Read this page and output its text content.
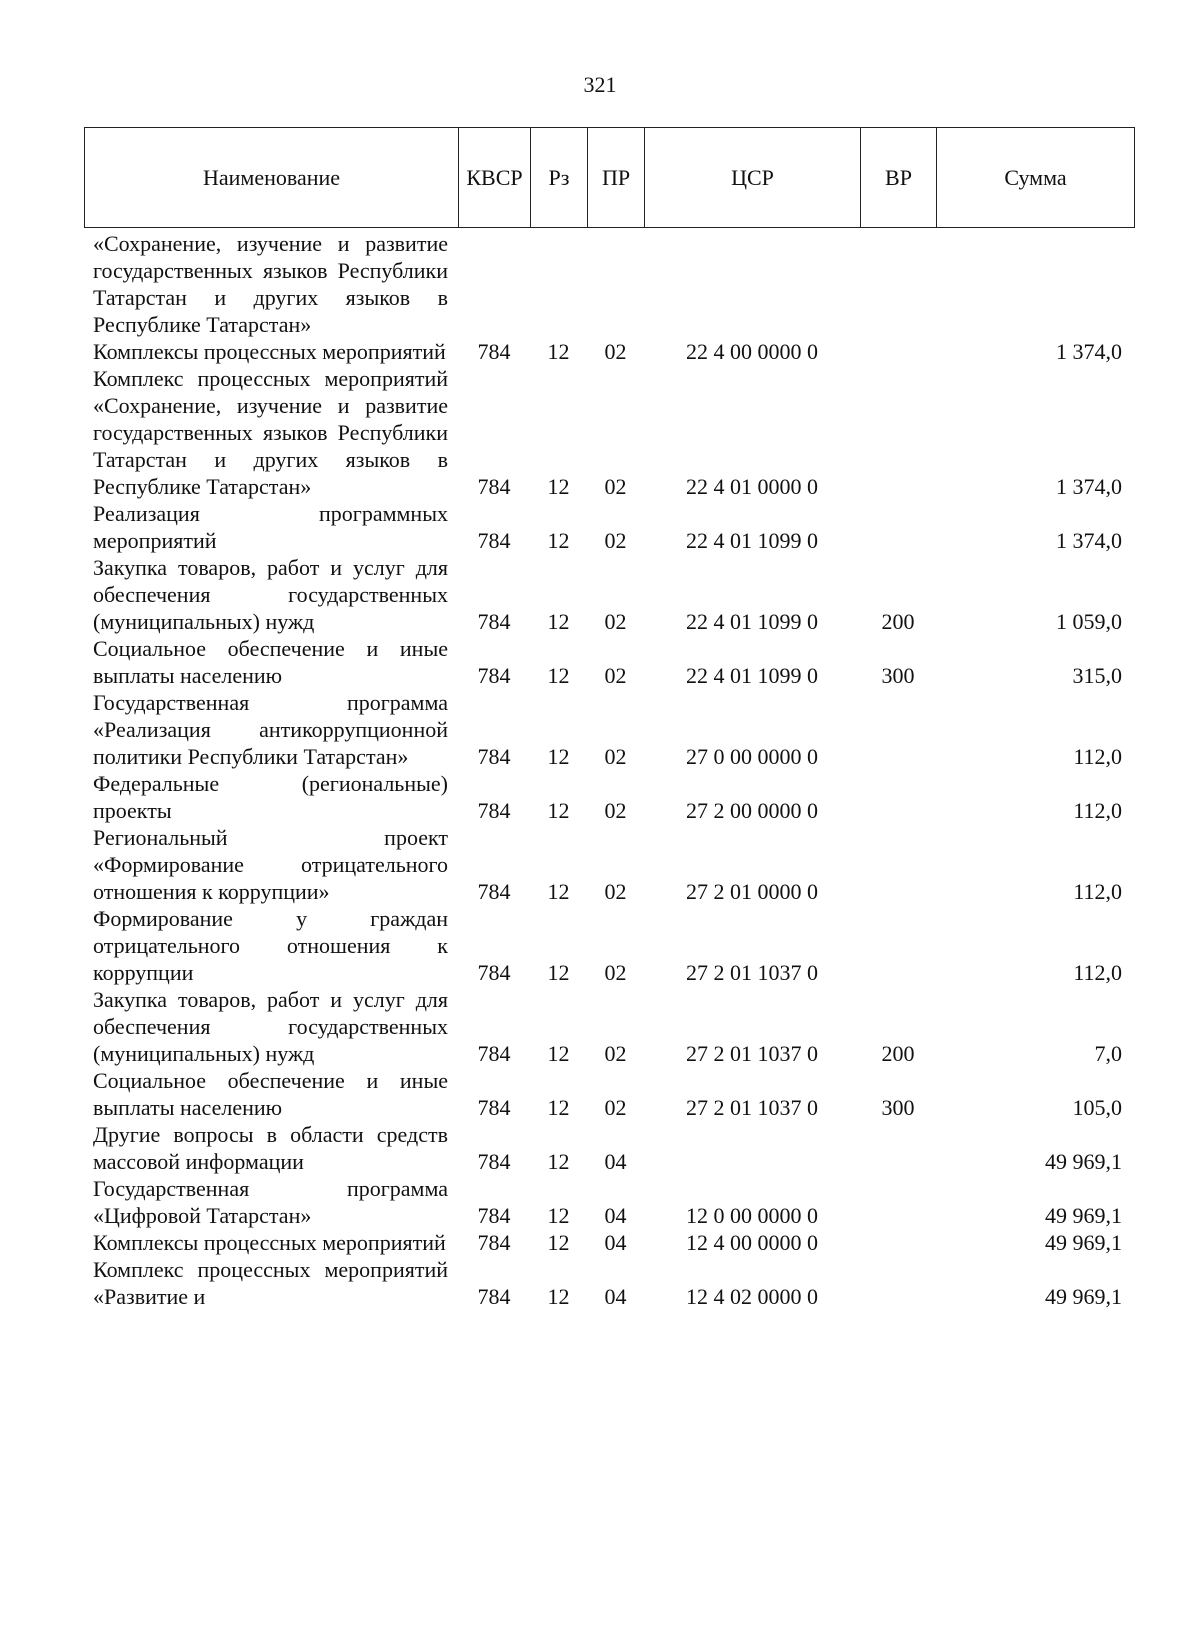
321
Наименование	КВСР	Рз	ПР	ЦСР	ВР	Сумма
«Сохранение, изучение и развитие государственных языков Республики Татарстан и других языков в Республике Татарстан»						
Комплексы процессных мероприятий	784	12	02	22 4 00 0000 0		1 374,0
Комплекс процессных мероприятий «Сохранение, изучение и развитие государственных языков Республики Татарстан и других языков в Республике Татарстан»	784	12	02	22 4 01 0000 0		1 374,0
Реализация программных мероприятий	784	12	02	22 4 01 1099 0		1 374,0
Закупка товаров, работ и услуг для обеспечения государственных (муниципальных) нужд	784	12	02	22 4 01 1099 0	200	1 059,0
Социальное обеспечение и иные выплаты населению	784	12	02	22 4 01 1099 0	300	315,0
Государственная программа «Реализация антикоррупционной политики Республики Татарстан»	784	12	02	27 0 00 0000 0		112,0
Федеральные (региональные) проекты	784	12	02	27 2 00 0000 0		112,0
Региональный проект «Формирование отрицательного отношения к коррупции»	784	12	02	27 2 01 0000 0		112,0
Формирование у граждан отрицательного отношения к коррупции	784	12	02	27 2 01 1037 0		112,0
Закупка товаров, работ и услуг для обеспечения государственных (муниципальных) нужд	784	12	02	27 2 01 1037 0	200	7,0
Социальное обеспечение и иные выплаты населению	784	12	02	27 2 01 1037 0	300	105,0
Другие вопросы в области средств массовой информации	784	12	04			49 969,1
Государственная программа «Цифровой Татарстан»	784	12	04	12 0 00 0000 0		49 969,1
Комплексы процессных мероприятий	784	12	04	12 4 00 0000 0		49 969,1
Комплекс процессных мероприятий «Развитие и	784	12	04	12 4 02 0000 0		49 969,1
